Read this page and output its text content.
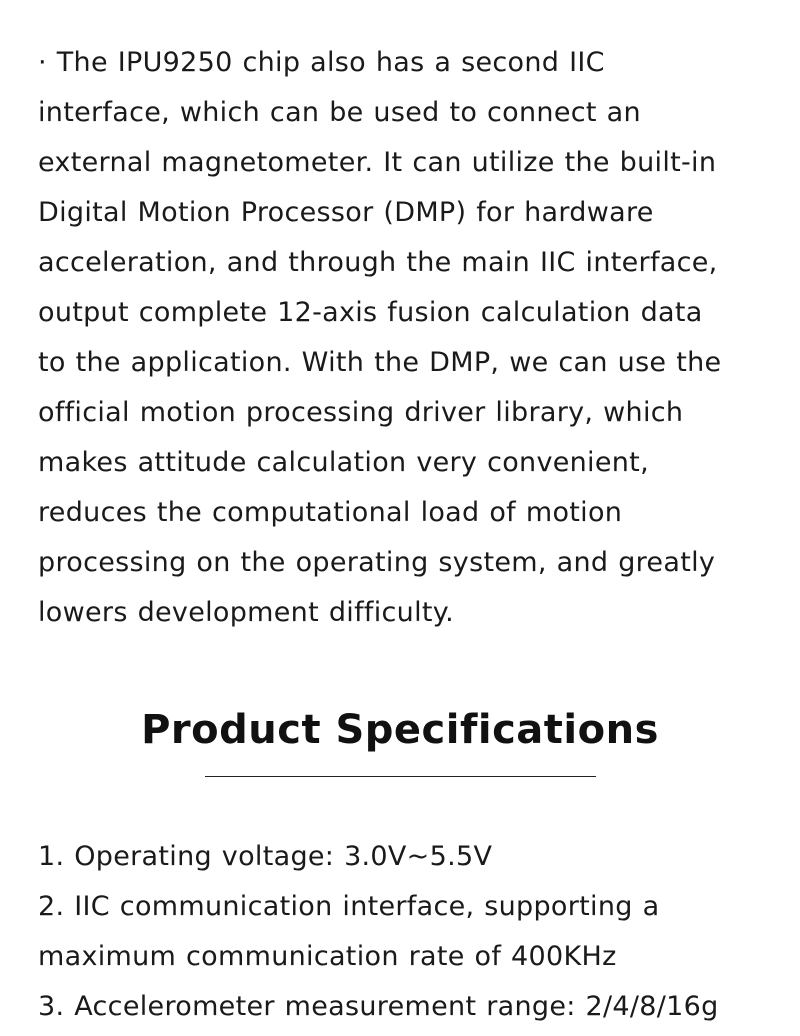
· The IPU9250 chip also has a second IIC
interface, which can be used to connect an
external magnetometer. It can utilize the built-in
Digital Motion Processor (DMP) for hardware
acceleration, and through the main IIC interface,
output complete 12-axis fusion calculation data
to the application. With the DMP, we can use the
official motion processing driver library, which
makes attitude calculation very convenient,
reduces the computational load of motion
processing on the operating system, and greatly
lowers development difficulty.
Product Specifications
1. Operating voltage: 3.0V~5.5V
2. IIC communication interface, supporting a
maximum communication rate of 400KHz
3. Accelerometer measurement range: 2/4/8/16g
